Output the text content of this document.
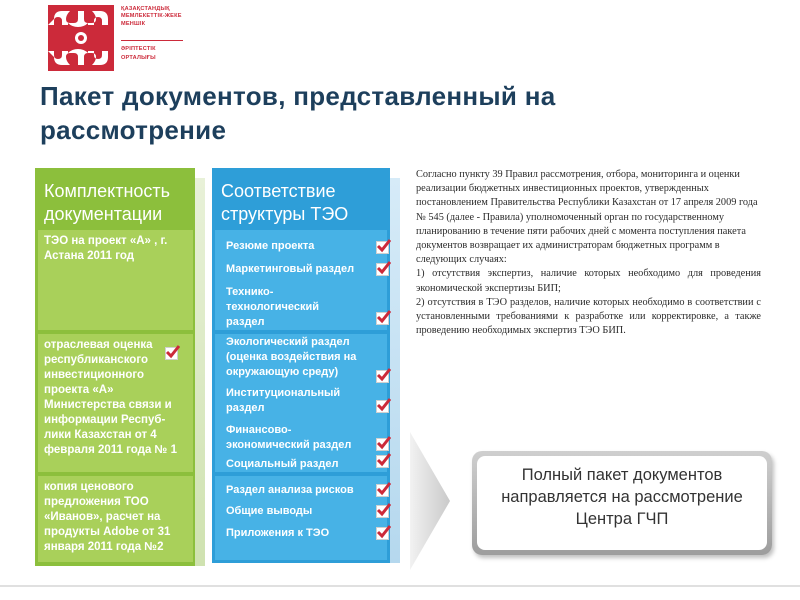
ҚАЗАҚСТАНДЫҚ
МЕМЛЕКЕТТІК-ЖЕКЕ
МЕНШІК
ӘРІПТЕСТІК
ОРТАЛЫҒЫ
Пакет документов, представленный на рассмотрение
Комплектность документации
ТЭО на проект «А» , г. Астана 2011 год
отраслевая оценка республиканского инвестиционного проекта «А» Министерства связи и информации Респуб-лики Казахстан от 4 февраля 2011 года № 1
копия ценового предложения ТОО «Иванов», расчет на продукты Adobe от 31 января 2011 года №2
Соответствие структуры ТЭО
Резюме проекта
Маркетинговый раздел
Технико-технологический раздел
Экологический раздел (оценка воздействия на окружающую среду)
Институциональный раздел
Финансово-экономический раздел
Социальный раздел
Раздел анализа рисков
Общие выводы
Приложения к ТЭО

Согласно пункту 39 Правил рассмотрения, отбора, мониторинга и оценки реализации бюджетных инвестиционных проектов, утвержденных постановлением Правительства Республики Казахстан от 17 апреля 2009 года № 545 (далее - Правила) уполномоченный орган по государственному планированию в течение пяти рабочих дней с момента поступления пакета документов возвращает их администраторам бюджетных программ в следующих случаях:

1) отсутствия экспертиз, наличие которых необходимо для проведения экономической экспертизы БИП;

2) отсутствия в ТЭО разделов, наличие которых необходимо в соответствии с установленными требованиями к разработке или корректировке, а также проведению необходимых экспертиз ТЭО БИП.

Полный пакет документов направляется на рассмотрение Центра ГЧП
